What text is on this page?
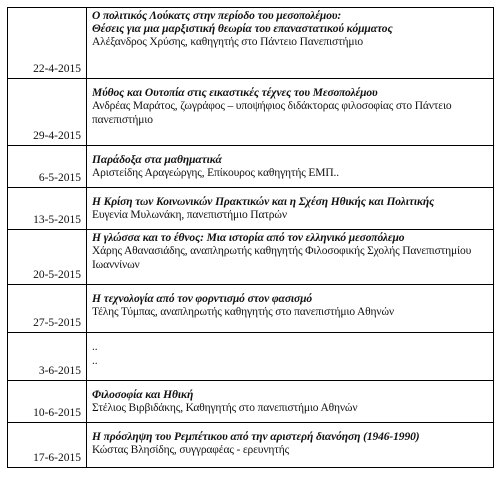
22-4-2015	Ο πολιτικός Λούκατς στην περίοδο του μεσοπολέμου:
Θέσεις για μια μαρξιστική θεωρία του επαναστατικού κόμματος
Αλέξανδρος Χρύσης, καθηγητής στο Πάντειο Πανεπιστήμιο

29-4-2015	Μύθος και Ουτοπία στις εικαστικές τέχνες του Μεσοπολέμου
Ανδρέας Μαράτος, ζωγράφος – υποψήφιος διδάκτορας φιλοσοφίας στο Πάντειο πανεπιστήμιο

6-5-2015	Παράδοξα στα μαθηματικά
Αριστείδης Αραγεώργης, Επίκουρος καθηγητής ΕΜΠ..

13-5-2015	Η Κρίση των Κοινωνικών Πρακτικών και η Σχέση Ηθικής και Πολιτικής
Ευγενία Μυλωνάκη, πανεπιστήμιο Πατρών

20-5-2015	Η γλώσσα και το έθνος: Μια ιστορία από τον ελληνικό μεσοπόλεμο
Χάρης Αθανασιάδης, αναπληρωτής καθηγητής Φιλοσοφικής Σχολής Πανεπιστημίου Ιωαννίνων

27-5-2015	Η τεχνολογία από τον φορντισμό στον φασισμό
Τέλης Τύμπας, αναπληρωτής καθηγητής στο πανεπιστήμιο Αθηνών

3-6-2015	..
..

10-6-2015	Φιλοσοφία και Ηθική
Στέλιος Βιρβιδάκης, Καθηγητής στο πανεπιστήμιο Αθηνών

17-6-2015	Η πρόσληψη του Ρεμπέτικου από την αριστερή διανόηση (1946-1990)
Κώστας Βλησίδης, συγγραφέας - ερευνητής
